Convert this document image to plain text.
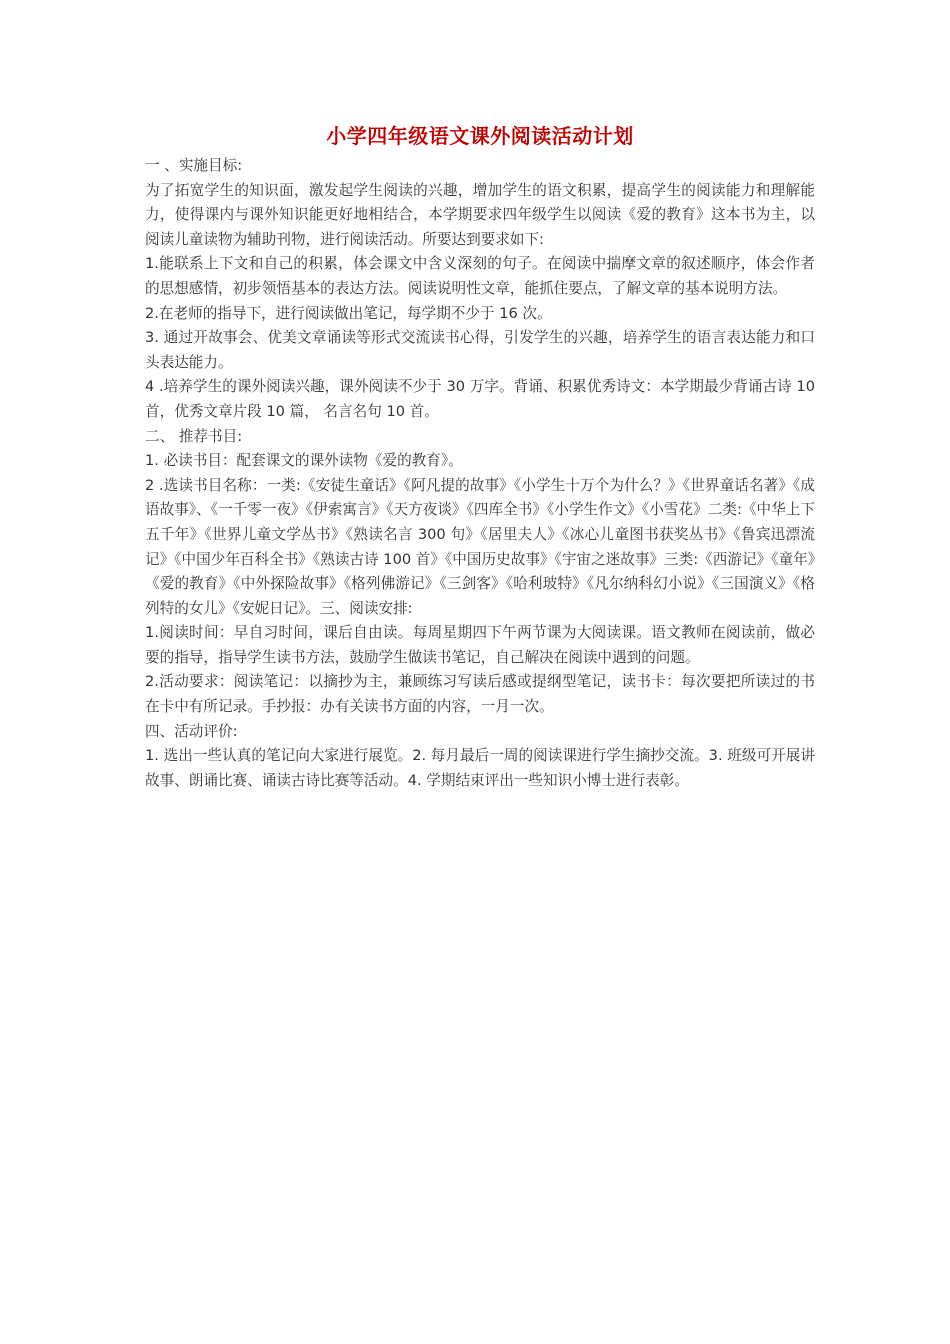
小学四年级语文课外阅读活动计划

一 、实施目标:

为了拓宽学生的知识面，激发起学生阅读的兴趣，增加学生的语文积累，提高学生的阅读能力和理解能力，使得课内与课外知识能更好地相结合，本学期要求四年级学生以阅读《爱的教育》这本书为主，以阅读儿童读物为辅助刊物，进行阅读活动。所要达到要求如下:

1.能联系上下文和自己的积累，体会课文中含义深刻的句子。在阅读中揣摩文章的叙述顺序，体会作者的思想感情，初步领悟基本的表达方法。阅读说明性文章，能抓住要点，了解文章的基本说明方法。

2.在老师的指导下，进行阅读做出笔记，每学期不少于 16 次。

3. 通过开故事会、优美文章诵读等形式交流读书心得，引发学生的兴趣，培养学生的语言表达能力和口头表达能力。

4 .培养学生的课外阅读兴趣，课外阅读不少于 30 万字。背诵、积累优秀诗文：本学期最少背诵古诗 10 首，优秀文章片段 10 篇， 名言名句 10 首。

二、 推荐书目:

1. 必读书目：配套课文的课外读物《爱的教育》。

2 .选读书目名称：一类:《安徒生童话》《阿凡提的故事》《小学生十万个为什么？》《世界童话名著》《成语故事》、《一千零一夜》《伊索寓言》《天方夜谈》《四库全书》《小学生作文》《小雪花》二类:《中华上下五千年》《世界儿童文学丛书》《熟读名言 300 句》《居里夫人》《冰心儿童图书获奖丛书》《鲁宾迅漂流记》《中国少年百科全书》《熟读古诗 100 首》《中国历史故事》《宇宙之迷故事》三类:《西游记》《童年》《爱的教育》《中外探险故事》《格列佛游记》《三剑客》《哈利玻特》《凡尔纳科幻小说》《三国演义》《格列特的女儿》《安妮日记》。三、阅读安排:

1.阅读时间：早自习时间，课后自由读。每周星期四下午两节课为大阅读课。语文教师在阅读前，做必要的指导，指导学生读书方法，鼓励学生做读书笔记，自己解决在阅读中遇到的问题。

2.活动要求：阅读笔记：以摘抄为主，兼顾练习写读后感或提纲型笔记，读书卡：每次要把所读过的书在卡中有所记录。手抄报：办有关读书方面的内容，一月一次。

四、活动评价:

1. 选出一些认真的笔记向大家进行展览。2. 每月最后一周的阅读课进行学生摘抄交流。3. 班级可开展讲故事、朗诵比赛、诵读古诗比赛等活动。4. 学期结束评出一些知识小博士进行表彰。
